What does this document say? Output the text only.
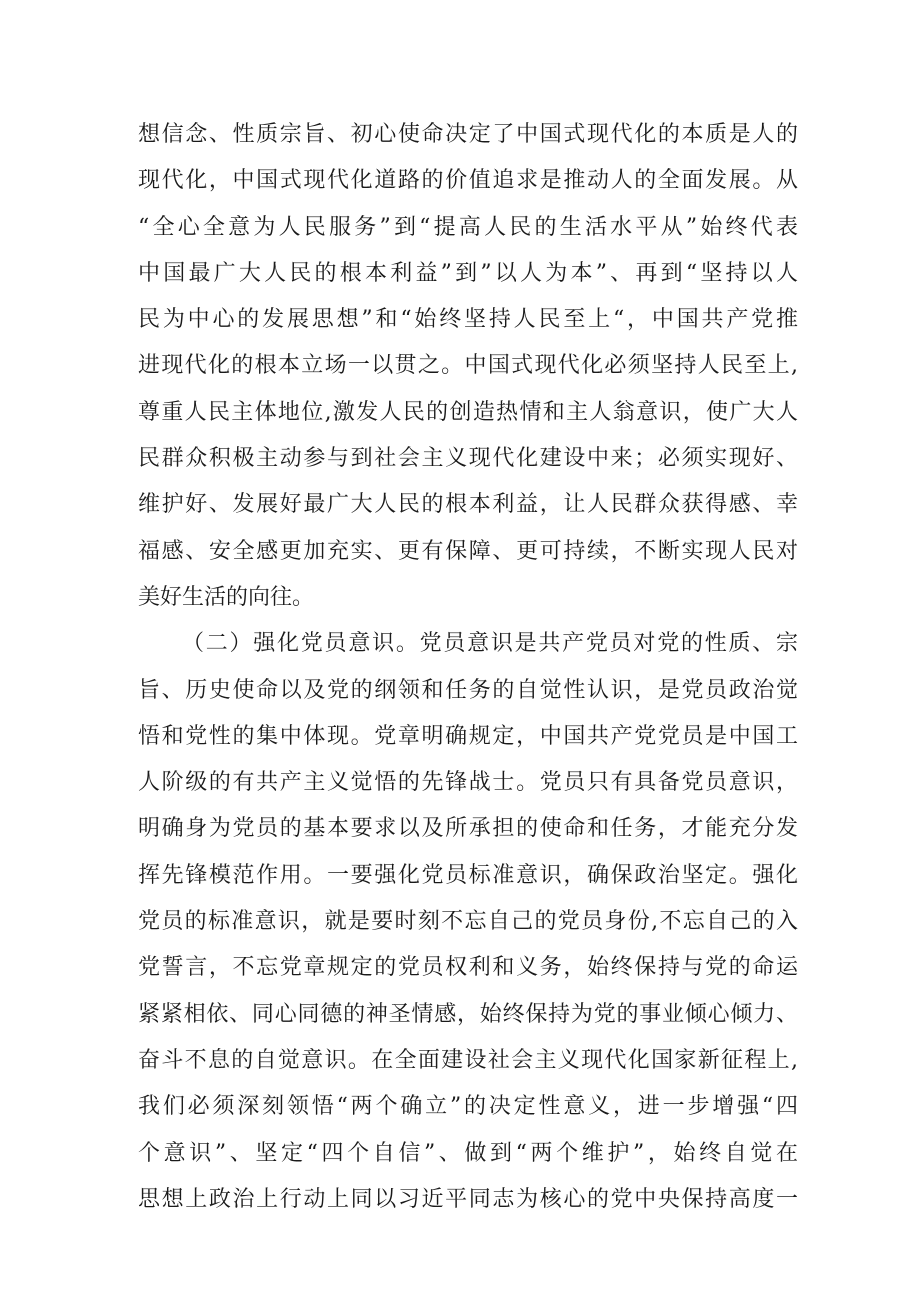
想信念、性质宗旨、初心使命决定了中国式现代化的本质是人的
现代化，中国式现代化道路的价值追求是推动人的全面发展。从
“全心全意为人民服务”到“提高人民的生活水平从”始终代表
中国最广大人民的根本利益”到”以人为本”、再到“坚持以人
民为中心的发展思想”和“始终坚持人民至上“，中国共产党推
进现代化的根本立场一以贯之。中国式现代化必须坚持人民至上,
尊重人民主体地位,激发人民的创造热情和主人翁意识，使广大人
民群众积极主动参与到社会主义现代化建设中来；必须实现好、
维护好、发展好最广大人民的根本利益，让人民群众获得感、幸
福感、安全感更加充实、更有保障、更可持续，不断实现人民对
美好生活的向往。
（二）强化党员意识。党员意识是共产党员对党的性质、宗
旨、历史使命以及党的纲领和任务的自觉性认识，是党员政治觉
悟和党性的集中体现。党章明确规定，中国共产党党员是中国工
人阶级的有共产主义觉悟的先锋战士。党员只有具备党员意识，
明确身为党员的基本要求以及所承担的使命和任务，才能充分发
挥先锋模范作用。一要强化党员标准意识，确保政治坚定。强化
党员的标准意识，就是要时刻不忘自己的党员身份,不忘自己的入
党誓言，不忘党章规定的党员权利和义务，始终保持与党的命运
紧紧相依、同心同德的神圣情感，始终保持为党的事业倾心倾力、
奋斗不息的自觉意识。在全面建设社会主义现代化国家新征程上,
我们必须深刻领悟“两个确立”的决定性意义，进一步增强“四
个意识”、坚定“四个自信”、做到“两个维护”，始终自觉在
思想上政治上行动上同以习近平同志为核心的党中央保持高度一
